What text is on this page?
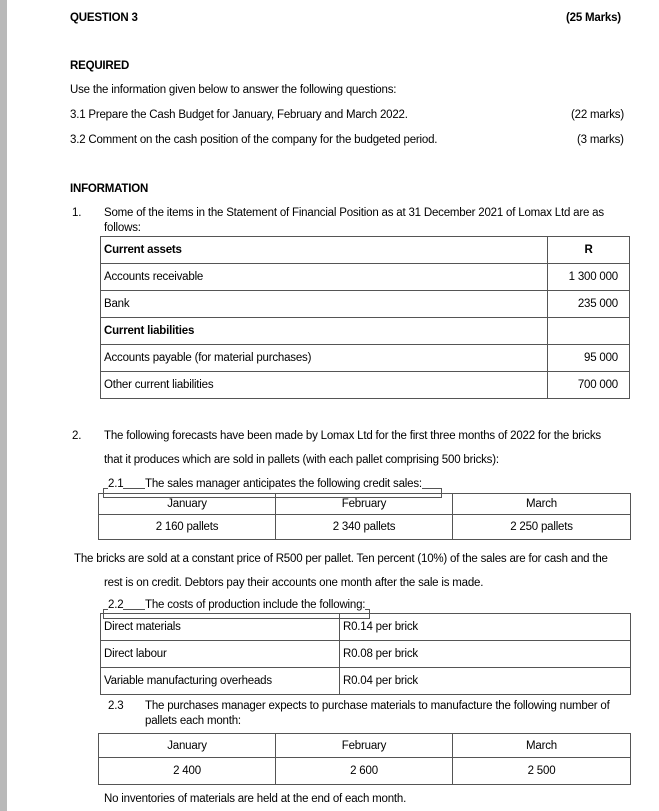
QUESTION 3	(25 Marks)
REQUIRED
Use the information given below to answer the following questions:
3.1 Prepare the Cash Budget for January, February and March 2022.	(22 marks)
3.2 Comment on the cash position of the company for the budgeted period.	(3 marks)
INFORMATION
1. Some of the items in the Statement of Financial Position as at 31 December 2021 of Lomax Ltd are as
follows:
Current assets	R
Accounts receivable	1 300 000
Bank	235 000
Current liabilities	
Accounts payable (for material purchases)	95 000
Other current liabilities	700 000
2. The following forecasts have been made by Lomax Ltd for the first three months of 2022 for the bricks
that it produces which are sold in pallets (with each pallet comprising 500 bricks):
2.1 The sales manager anticipates the following credit sales:
January	February	March
2 160 pallets	2 340 pallets	2 250 pallets
The bricks are sold at a constant price of R500 per pallet. Ten percent (10%) of the sales are for cash and the
rest is on credit. Debtors pay their accounts one month after the sale is made.
2.2 The costs of production include the following:
Direct materials	R0.14 per brick
Direct labour	R0.08 per brick
Variable manufacturing overheads	R0.04 per brick
2.3 The purchases manager expects to purchase materials to manufacture the following number of
pallets each month:
January	February	March
2 400	2 600	2 500
No inventories of materials are held at the end of each month.
